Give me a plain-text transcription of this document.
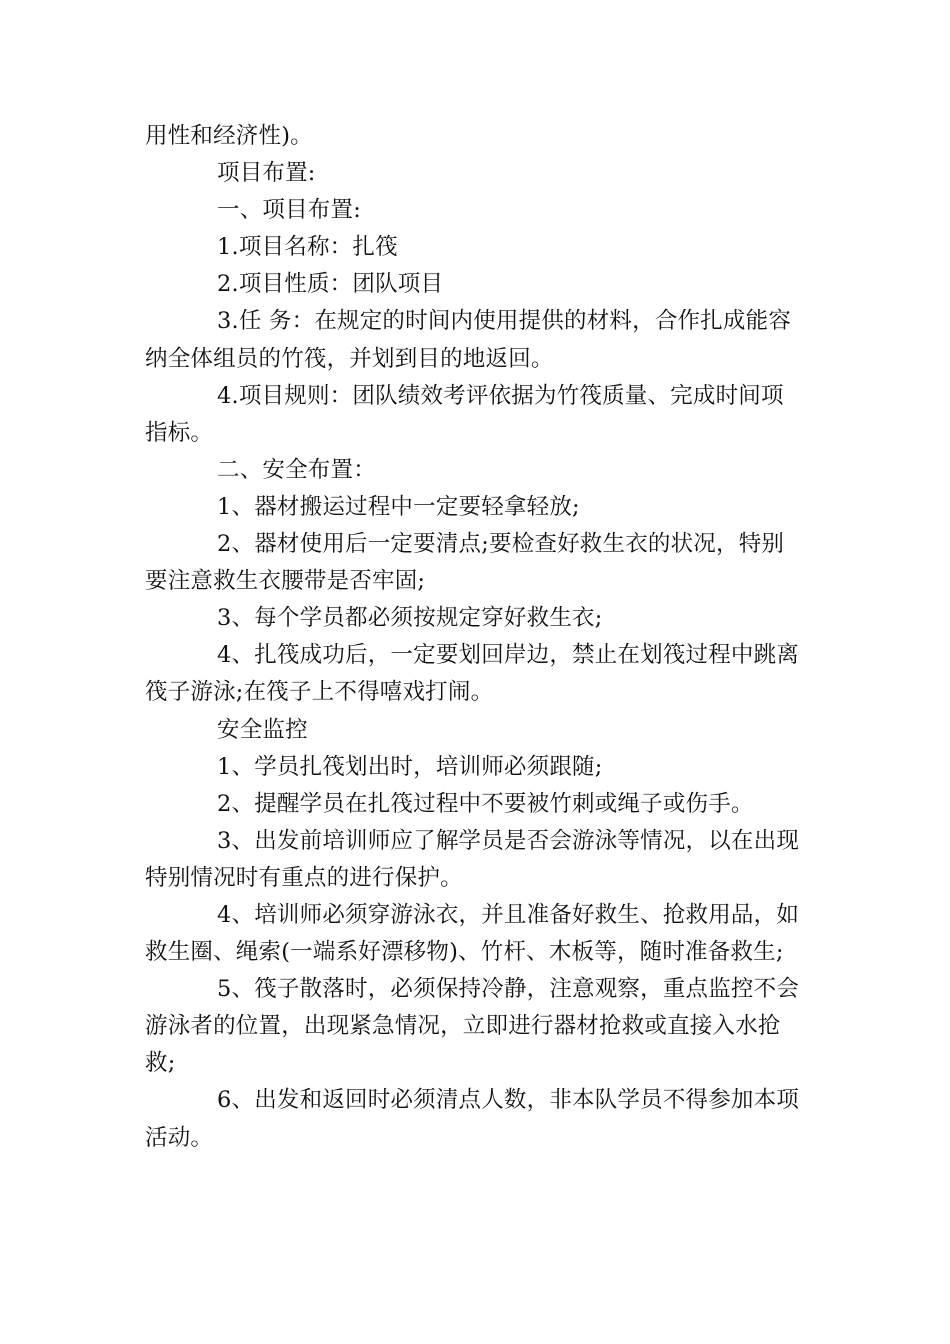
用性和经济性)。

项目布置:

一、项目布置:

1.项目名称：扎筏

2.项目性质：团队项目

3.任 务：在规定的时间内使用提供的材料，合作扎成能容纳全体组员的竹筏，并划到目的地返回。

4.项目规则：团队绩效考评依据为竹筏质量、完成时间项指标。

二、安全布置：

1、器材搬运过程中一定要轻拿轻放;

2、器材使用后一定要清点;要检查好救生衣的状况，特别要注意救生衣腰带是否牢固;

3、每个学员都必须按规定穿好救生衣;

4、扎筏成功后，一定要划回岸边，禁止在划筏过程中跳离筏子游泳;在筏子上不得嘻戏打闹。

安全监控

1、学员扎筏划出时，培训师必须跟随;

2、提醒学员在扎筏过程中不要被竹刺或绳子或伤手。

3、出发前培训师应了解学员是否会游泳等情况，以在出现特别情况时有重点的进行保护。

4、培训师必须穿游泳衣，并且准备好救生、抢救用品，如救生圈、绳索(一端系好漂移物)、竹杆、木板等，随时准备救生;

5、筏子散落时，必须保持冷静，注意观察，重点监控不会游泳者的位置，出现紧急情况，立即进行器材抢救或直接入水抢救;

6、出发和返回时必须清点人数，非本队学员不得参加本项活动。
